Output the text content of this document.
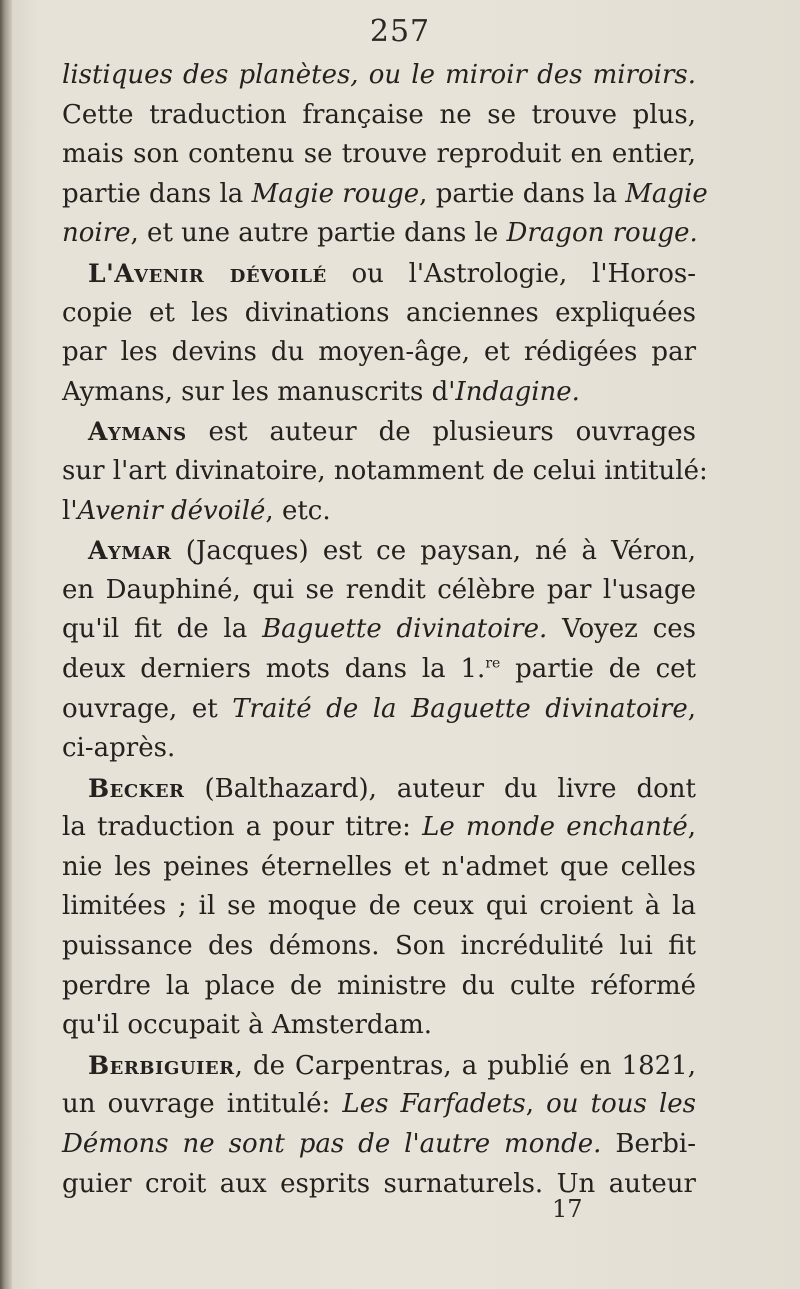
257
listiques des planètes, ou le miroir des miroirs.
Cette traduction française ne se trouve plus,
mais son contenu se trouve reproduit en entier,
partie dans la Magie rouge, partie dans la Magie
noire, et une autre partie dans le Dragon rouge.
L'Avenir dévoilé ou l'Astrologie, l'Horos-
copie et les divinations anciennes expliquées
par les devins du moyen-âge, et rédigées par
Aymans, sur les manuscrits d'Indagine.
Aymans est auteur de plusieurs ouvrages
sur l'art divinatoire, notamment de celui intitulé:
l'Avenir dévoilé, etc.
Aymar (Jacques) est ce paysan, né à Véron,
en Dauphiné, qui se rendit célèbre par l'usage
qu'il fit de la Baguette divinatoire. Voyez ces
deux derniers mots dans la 1.$^{re}$ partie de cet
ouvrage, et Traité de la Baguette divinatoire,
ci-après.
Becker (Balthazard), auteur du livre dont
la traduction a pour titre: Le monde enchanté,
nie les peines éternelles et n'admet que celles
limitées ; il se moque de ceux qui croient à la
puissance des démons. Son incrédulité lui fit
perdre la place de ministre du culte réformé
qu'il occupait à Amsterdam.
Berbiguier, de Carpentras, a publié en 1821,
un ouvrage intitulé: Les Farfadets, ou tous les
Démons ne sont pas de l'autre monde. Berbi-
guier croit aux esprits surnaturels. Un auteur
17
